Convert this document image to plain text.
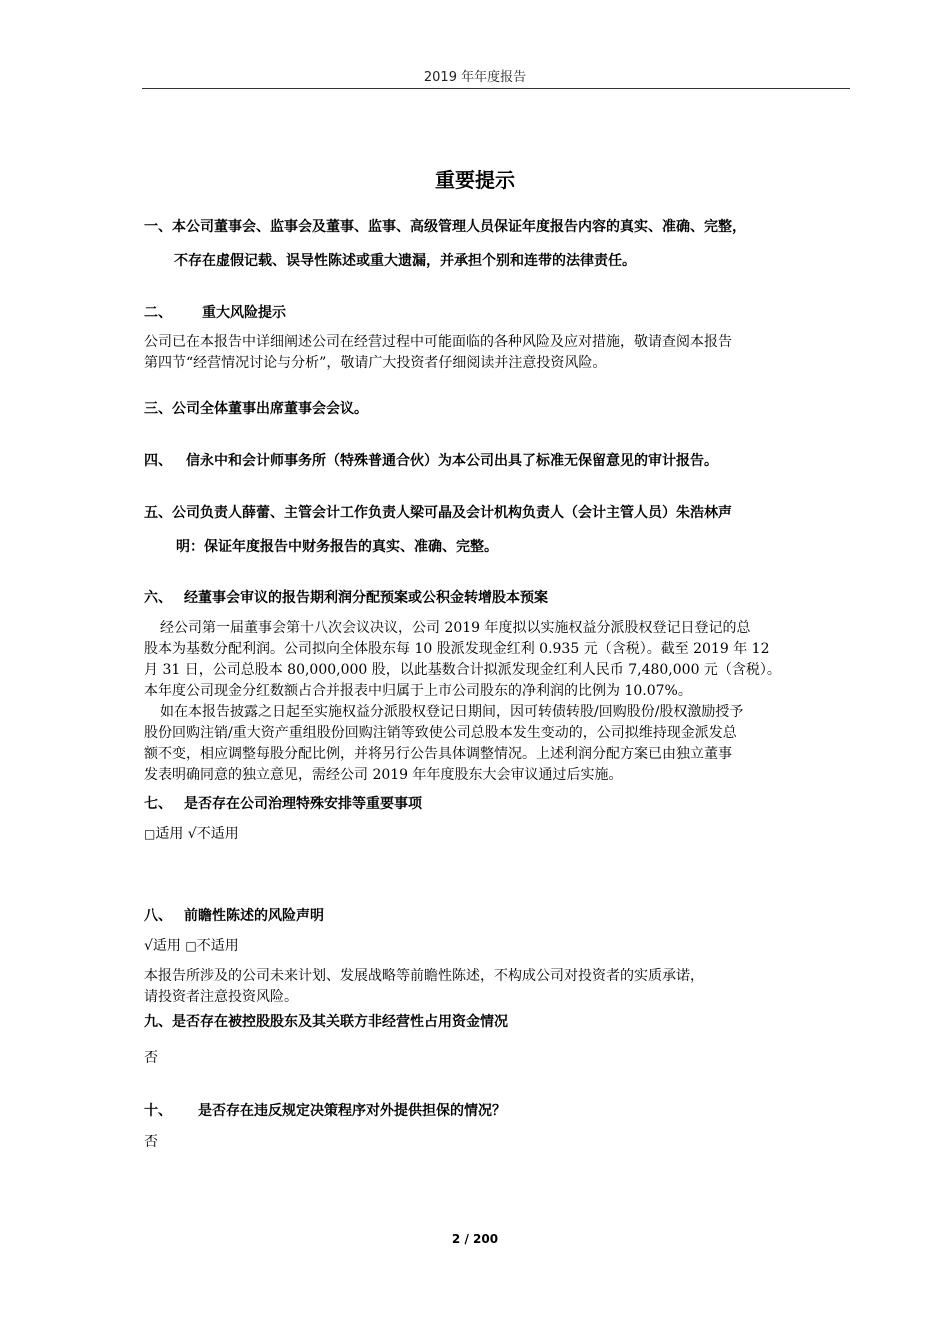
2019 年年度报告
重要提示
一、本公司董事会、监事会及董事、监事、高级管理人员保证年度报告内容的真实、准确、完整，
不存在虚假记载、误导性陈述或重大遗漏，并承担个别和连带的法律责任。
二、 重大风险提示
公司已在本报告中详细阐述公司在经营过程中可能面临的各种风险及应对措施，敬请查阅本报告
第四节“经营情况讨论与分析”，敬请广大投资者仔细阅读并注意投资风险。
三、公司全体董事出席董事会会议。
四、 信永中和会计师事务所（特殊普通合伙）为本公司出具了标准无保留意见的审计报告。
五、公司负责人薛蕾、主管会计工作负责人梁可晶及会计机构负责人（会计主管人员）朱浩林声
明：保证年度报告中财务报告的真实、准确、完整。
六、 经董事会审议的报告期利润分配预案或公积金转增股本预案
经公司第一届董事会第十八次会议决议，公司 2019 年度拟以实施权益分派股权登记日登记的总
股本为基数分配利润。公司拟向全体股东每 10 股派发现金红利 0.935 元（含税）。截至 2019 年 12
月 31 日，公司总股本 80,000,000 股，以此基数合计拟派发现金红利人民币 7,480,000 元（含税）。
本年度公司现金分红数额占合并报表中归属于上市公司股东的净利润的比例为 10.07%。
如在本报告披露之日起至实施权益分派股权登记日期间，因可转债转股/回购股份/股权激励授予
股份回购注销/重大资产重组股份回购注销等致使公司总股本发生变动的，公司拟维持现金派发总
额不变，相应调整每股分配比例，并将另行公告具体调整情况。上述利润分配方案已由独立董事
发表明确同意的独立意见，需经公司 2019 年年度股东大会审议通过后实施。
七、 是否存在公司治理特殊安排等重要事项
□适用 √不适用
八、 前瞻性陈述的风险声明
√适用 □不适用
本报告所涉及的公司未来计划、发展战略等前瞻性陈述，不构成公司对投资者的实质承诺，
请投资者注意投资风险。
九、是否存在被控股股东及其关联方非经营性占用资金情况
否
十、 是否存在违反规定决策程序对外提供担保的情况？
否
2 / 200
